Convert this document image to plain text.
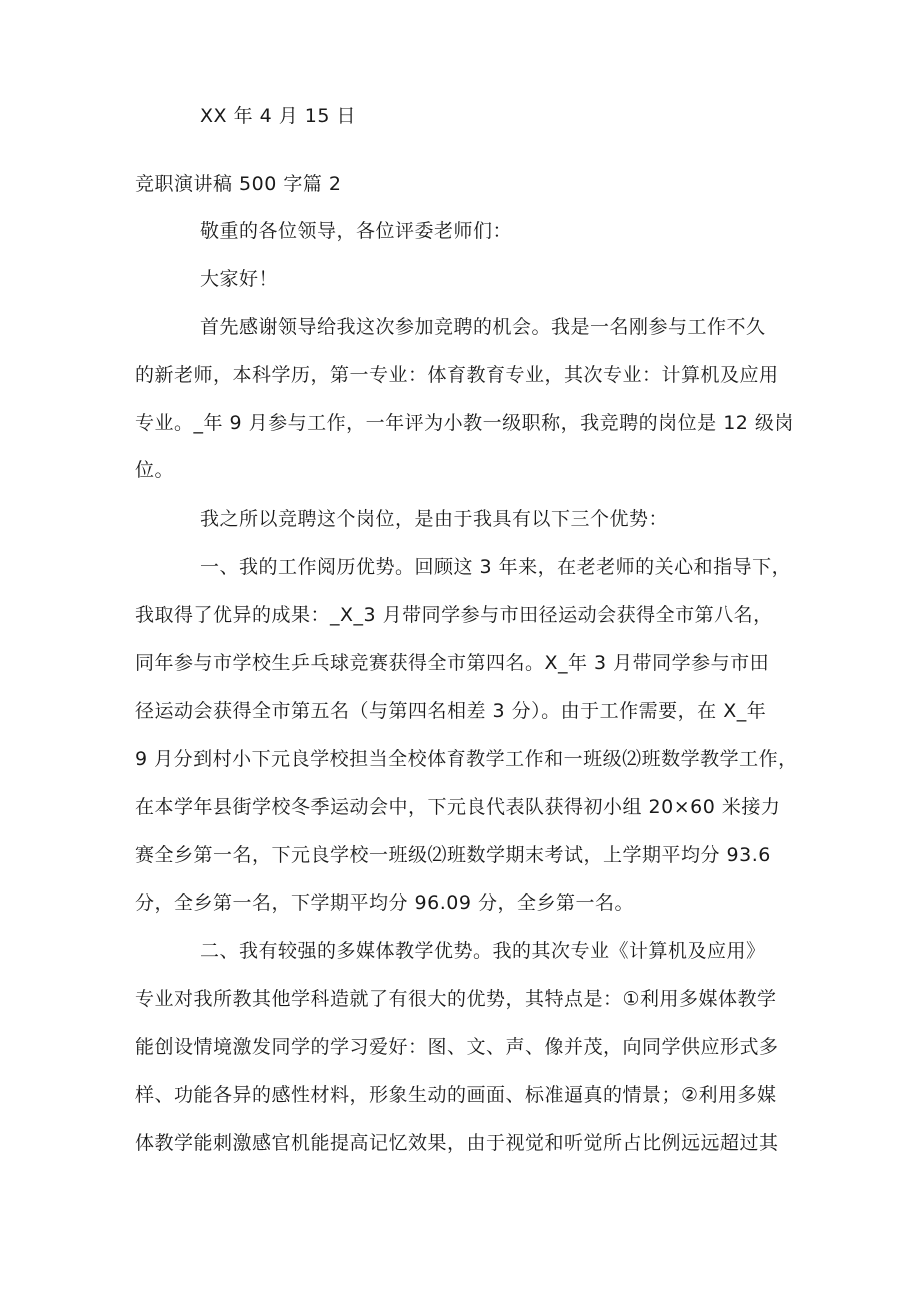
XX 年 4 月 15 日
竞职演讲稿 500 字篇 2
敬重的各位领导，各位评委老师们：
大家好！
首先感谢领导给我这次参加竞聘的机会。我是一名刚参与工作不久
的新老师，本科学历，第一专业：体育教育专业，其次专业：计算机及应用
专业。_年 9 月参与工作，一年评为小教一级职称，我竞聘的岗位是 12 级岗
位。
我之所以竞聘这个岗位，是由于我具有以下三个优势：
一、我的工作阅历优势。回顾这 3 年来，在老老师的关心和指导下，
我取得了优异的成果：_X_3 月带同学参与市田径运动会获得全市第八名，
同年参与市学校生乒乓球竞赛获得全市第四名。X_年 3 月带同学参与市田
径运动会获得全市第五名（与第四名相差 3 分）。由于工作需要，在 X_年
9 月分到村小下元良学校担当全校体育教学工作和一班级⑵班数学教学工作，
在本学年县街学校冬季运动会中，下元良代表队获得初小组 20×60 米接力
赛全乡第一名，下元良学校一班级⑵班数学期末考试，上学期平均分 93.6
分，全乡第一名，下学期平均分 96.09 分，全乡第一名。
二、我有较强的多媒体教学优势。我的其次专业《计算机及应用》
专业对我所教其他学科造就了有很大的优势，其特点是：①利用多媒体教学
能创设情境激发同学的学习爱好：图、文、声、像并茂，向同学供应形式多
样、功能各异的感性材料，形象生动的画面、标准逼真的情景；②利用多媒
体教学能刺激感官机能提高记忆效果，由于视觉和听觉所占比例远远超过其
